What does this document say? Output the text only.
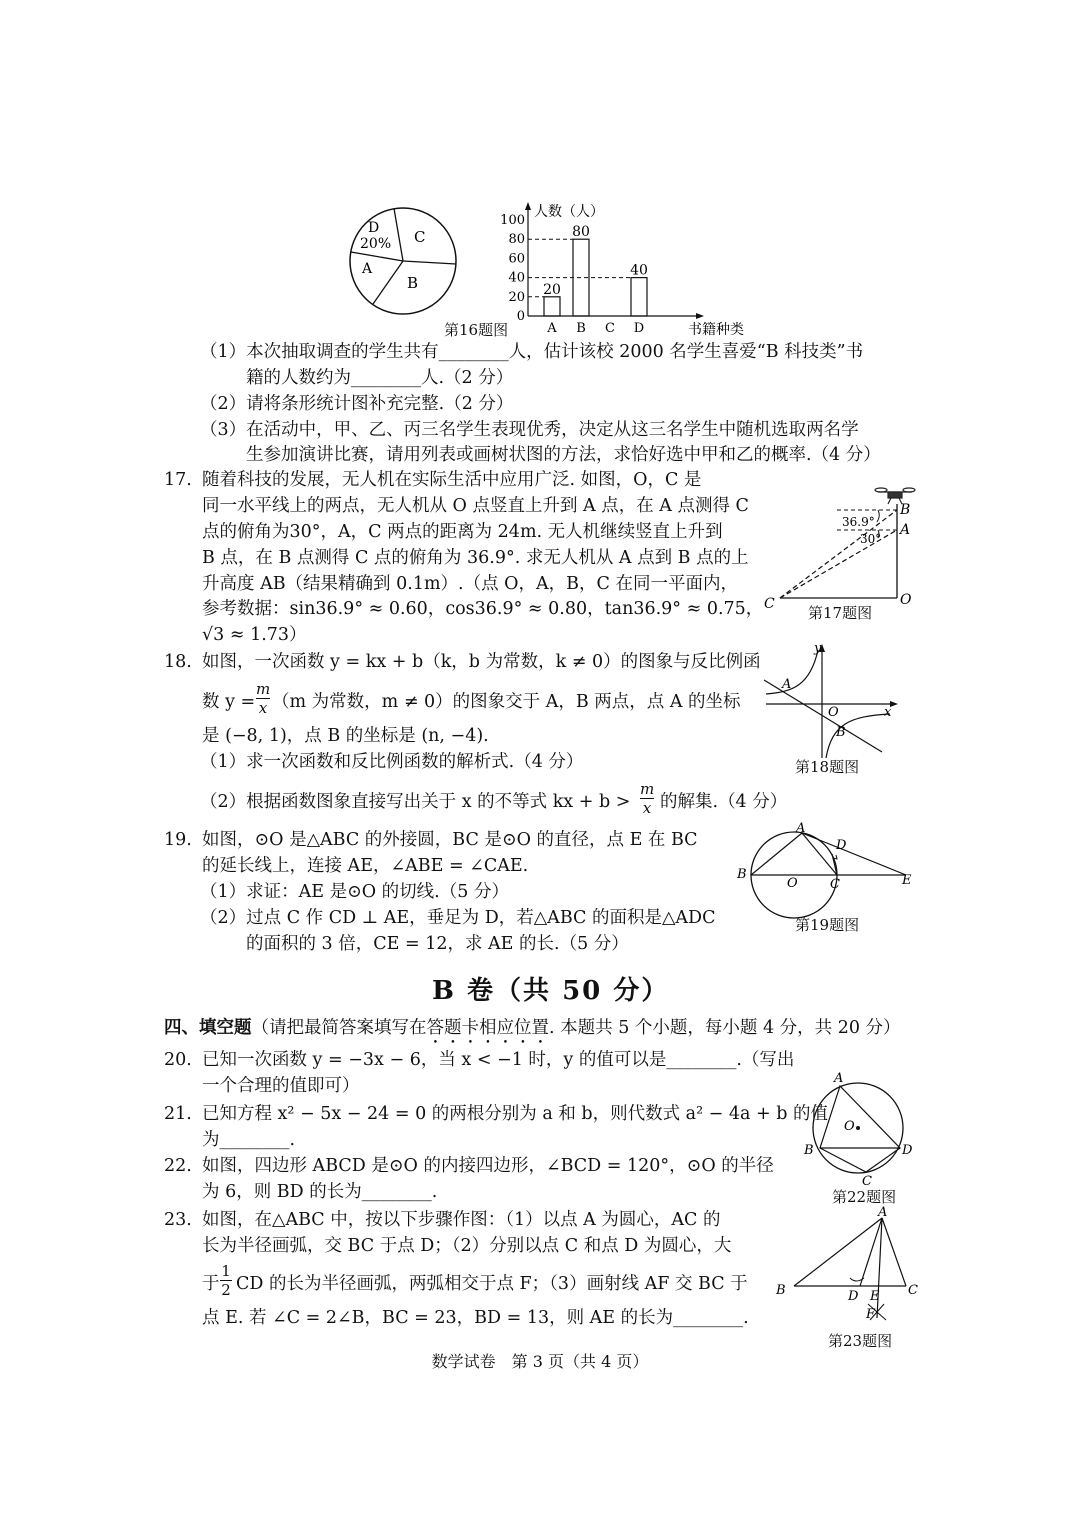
D
20% C
A
B
人数（人）
书籍种类
0
20
40
60
80
100
A
20
B
80
C D
40
第16题图
（1）本次抽取调查的学生共有________人，估计该校 2000 名学生喜爱“B 科技类”书
籍的人数约为________人.（2 分）
（2）请将条形统计图补充完整.（2 分）
（3）在活动中，甲、乙、丙三名学生表现优秀，决定从这三名学生中随机选取两名学
生参加演讲比赛，请用列表或画树状图的方法，求恰好选中甲和乙的概率.（4 分）
17. 随着科技的发展，无人机在实际生活中应用广泛. 如图，O，C 是
同一水平线上的两点，无人机从 O 点竖直上升到 A 点，在 A 点测得 C
点的俯角为30°，A，C 两点的距离为 24m. 无人机继续竖直上升到
B 点，在 B 点测得 C 点的俯角为 36.9°. 求无人机从 A 点到 B 点的上
升高度 AB（结果精确到 0.1m）.（点 O，A，B，C 在同一平面内，
参考数据：sin36.9° ≈ 0.60，cos36.9° ≈ 0.80，tan36.9° ≈ 0.75，
√3 ≈ 1.73）
B
A
36.9°
30°
C	O
第17题图
18. 如图，一次函数 y = kx + b（k，b 为常数，k ≠ 0）的图象与反比例函
数 $y = \frac{m}{x} (m$ 为常数，m ≠ 0）的图象交于 A，B 两点，点 A 的坐标
是 (−8, 1)，点 B 的坐标是 (n, −4).
（1）求一次函数和反比例函数的解析式.（4 分）
（2）根据函数图象直接写出关于 x 的不等式 kx + $b > \frac{m}{x}$ 的解集.（4 分）
y
x
O
A
B
第18题图
19. 如图，⊙O 是△ABC 的外接圆，BC 是⊙O 的直径，点 E 在 BC
的延长线上，连接 AE，∠ABE = ∠CAE.
（1）求证：AE 是⊙O 的切线.（5 分）
（2）过点 C 作 CD ⊥ AE，垂足为 D，若△ABC 的面积是△ADC
的面积的 3 倍，CE = 12，求 AE 的长.（5 分）
A
B
O C
D
E
第19题图
B 卷（共 50 分）
四、填空题（请把最简答案填写在答题卡相应位置. 本题共 5 个小题，每小题 4 分，共 20 分）
20. 已知一次函数 y = −3x − 6，当 x < −1 时，y 的值可以是________.（写出
一个合理的值即可）
21. 已知方程 x² − 5x − 24 = 0 的两根分别为 a 和 b，则代数式 a² − 4a + b 的值
为________.
22. 如图，四边形 ABCD 是⊙O 的内接四边形，∠BCD = 120°，⊙O 的半径
为 6，则 BD 的长为________.
A
B
C
D
O
第22题图
23. 如图，在△ABC 中，按以下步骤作图：（1）以点 A 为圆心，AC 的
长为半径画弧，交 BC 于点 D；（2）分别以点 C 和点 D 为圆心，大
于 $\frac{1}{2}$ CD 的长为半径画弧，两弧相交于点 F；（3）画射线 AF 交 BC 于
点 E. 若 ∠C = 2∠B，BC = 23，BD = 13，则 AE 的长为________.
A
B	C
D E
F
第23题图
数学试卷　第 3 页（共 4 页）
